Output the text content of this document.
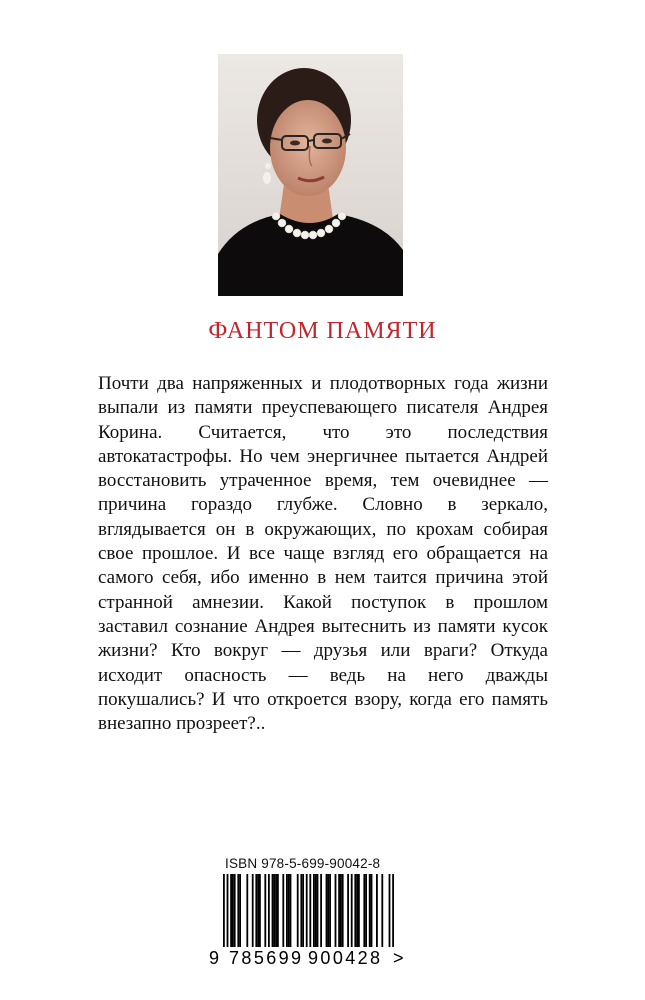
ФАНТОМ ПАМЯТИ

Почти два напряженных и плодотворных года жизни выпали из памяти преуспевающего писателя Андрея Корина. Считается, что это последствия автокатастрофы. Но чем энергичнее пытается Андрей восстановить утраченное время, тем очевиднее — причина гораздо глубже. Словно в зеркало, вглядывается он в окружающих, по крохам собирая свое прошлое. И все чаще взгляд его обращается на самого себя, ибо именно в нем таится причина этой странной амнезии. Какой поступок в прошлом заставил сознание Андрея вытеснить из памяти кусок жизни? Кто вокруг — друзья или враги? Откуда исходит опасность — ведь на него дважды покушались? И что откроется взору, когда его память внезапно прозреет?..

ISBN 978-5-699-90042-8
9 785699 900428 >
